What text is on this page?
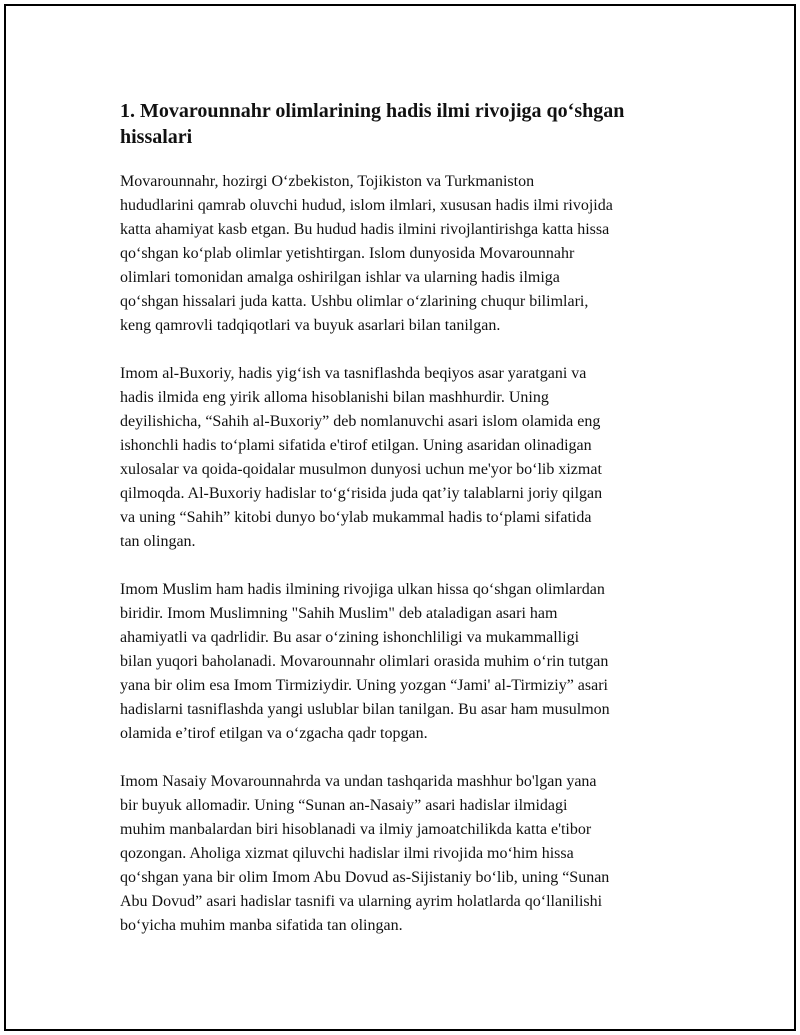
1. Movarounnahr olimlarining hadis ilmi rivojiga qo‘shgan
hissalari

Movarounnahr, hozirgi O‘zbekiston, Tojikiston va Turkmaniston
hududlarini qamrab oluvchi hudud, islom ilmlari, xususan hadis ilmi rivojida
katta ahamiyat kasb etgan. Bu hudud hadis ilmini rivojlantirishga katta hissa
qo‘shgan ko‘plab olimlar yetishtirgan. Islom dunyosida Movarounnahr
olimlari tomonidan amalga oshirilgan ishlar va ularning hadis ilmiga
qo‘shgan hissalari juda katta. Ushbu olimlar o‘zlarining chuqur bilimlari,
keng qamrovli tadqiqotlari va buyuk asarlari bilan tanilgan.

Imom al-Buxoriy, hadis yig‘ish va tasniflashda beqiyos asar yaratgani va
hadis ilmida eng yirik alloma hisoblanishi bilan mashhurdir. Uning
deyilishicha, “Sahih al-Buxoriy” deb nomlanuvchi asari islom olamida eng
ishonchli hadis to‘plami sifatida e'tirof etilgan. Uning asaridan olinadigan
xulosalar va qoida-qoidalar musulmon dunyosi uchun me'yor bo‘lib xizmat
qilmoqda. Al-Buxoriy hadislar to‘g‘risida juda qat’iy talablarni joriy qilgan
va uning “Sahih” kitobi dunyo bo‘ylab mukammal hadis to‘plami sifatida
tan olingan.

Imom Muslim ham hadis ilmining rivojiga ulkan hissa qo‘shgan olimlardan
biridir. Imom Muslimning "Sahih Muslim" deb ataladigan asari ham
ahamiyatli va qadrlidir. Bu asar o‘zining ishonchliligi va mukammalligi
bilan yuqori baholanadi. Movarounnahr olimlari orasida muhim o‘rin tutgan
yana bir olim esa Imom Tirmiziydir. Uning yozgan “Jami' al-Tirmiziy” asari
hadislarni tasniflashda yangi uslublar bilan tanilgan. Bu asar ham musulmon
olamida e’tirof etilgan va o‘zgacha qadr topgan.

Imom Nasaiy Movarounnahrda va undan tashqarida mashhur bo'lgan yana
bir buyuk allomadir. Uning “Sunan an-Nasaiy” asari hadislar ilmidagi
muhim manbalardan biri hisoblanadi va ilmiy jamoatchilikda katta e'tibor
qozongan. Aholiga xizmat qiluvchi hadislar ilmi rivojida mo‘him hissa
qo‘shgan yana bir olim Imom Abu Dovud as-Sijistaniy bo‘lib, uning “Sunan
Abu Dovud” asari hadislar tasnifi va ularning ayrim holatlarda qo‘llanilishi
bo‘yicha muhim manba sifatida tan olingan.
